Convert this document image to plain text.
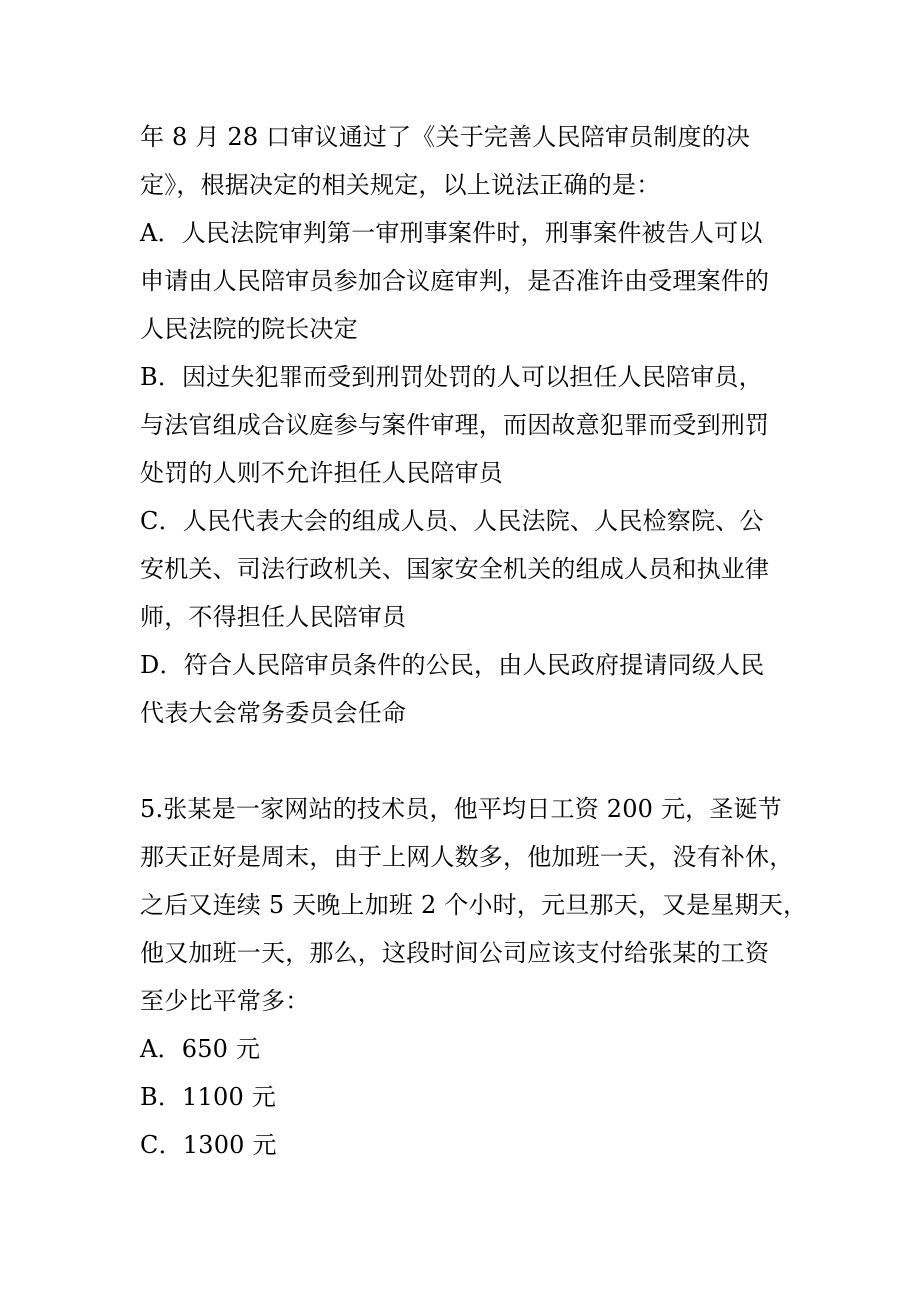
年 8 月 28 口审议通过了《关于完善人民陪审员制度的决
定》，根据决定的相关规定，以上说法正确的是：
A．人民法院审判第一审刑事案件时，刑事案件被告人可以
申请由人民陪审员参加合议庭审判，是否准许由受理案件的
人民法院的院长决定
B．因过失犯罪而受到刑罚处罚的人可以担任人民陪审员，
与法官组成合议庭参与案件审理，而因故意犯罪而受到刑罚
处罚的人则不允许担任人民陪审员
C．人民代表大会的组成人员、人民法院、人民检察院、公
安机关、司法行政机关、国家安全机关的组成人员和执业律
师，不得担任人民陪审员
D．符合人民陪审员条件的公民，由人民政府提请同级人民
代表大会常务委员会任命
5.张某是一家网站的技术员，他平均日工资 200 元，圣诞节
那天正好是周末，由于上网人数多，他加班一天，没有补休，
之后又连续 5 天晚上加班 2 个小时，元旦那天，又是星期天，
他又加班一天，那么，这段时间公司应该支付给张某的工资
至少比平常多：
A．650 元
B．1100 元
C．1300 元
